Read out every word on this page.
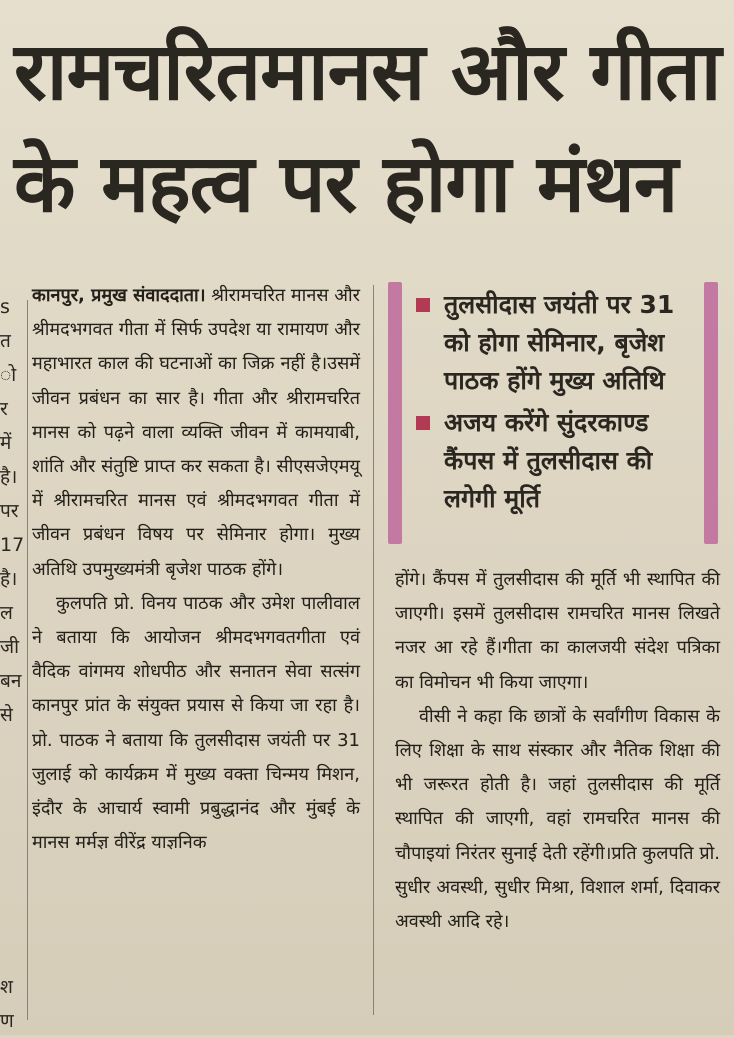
रामचरितमानस और गीता
के महत्व पर होगा मंथन
s
त
ो
र
में
है।
पर
17
है।
ल
जी
बन
से
श
ण

कानपुर, प्रमुख संवाददाता। श्रीरामचरित मानस और श्रीमदभगवत गीता में सिर्फ उपदेश या रामायण और महाभारत काल की घटनाओं का जिक्र नहीं है।उसमें जीवन प्रबंधन का सार है। गीता और श्रीरामचरित मानस को पढ़ने वाला व्यक्ति जीवन में कामयाबी, शांति और संतुष्टि प्राप्त कर सकता है। सीएसजेएमयू में श्रीरामचरित मानस एवं श्रीमदभगवत गीता में जीवन प्रबंधन विषय पर सेमिनार होगा। मुख्य अतिथि उपमुख्यमंत्री बृजेश पाठक होंगे।

कुलपति प्रो. विनय पाठक और उमेश पालीवाल ने बताया कि आयोजन श्रीमदभगवतगीता एवं वैदिक वांगमय शोधपीठ और सनातन सेवा सत्संग कानपुर प्रांत के संयुक्त प्रयास से किया जा रहा है। प्रो. पाठक ने बताया कि तुलसीदास जयंती पर 31 जुलाई को कार्यक्रम में मुख्य वक्ता चिन्मय मिशन, इंदौर के आचार्य स्वामी प्रबुद्धानंद और मुंबई के मानस मर्मज्ञ वीरेंद्र याज्ञनिक

तुलसीदास जयंती पर 31 को होगा सेमिनार, बृजेश पाठक होंगे मुख्य अतिथि
अजय करेंगे सुंदरकाण्ड कैंपस में तुलसीदास की लगेगी मूर्ति

होंगे। कैंपस में तुलसीदास की मूर्ति भी स्थापित की जाएगी। इसमें तुलसीदास रामचरित मानस लिखते नजर आ रहे हैं।गीता का कालजयी संदेश पत्रिका का विमोचन भी किया जाएगा।

वीसी ने कहा कि छात्रों के सर्वांगीण विकास के लिए शिक्षा के साथ संस्कार और नैतिक शिक्षा की भी जरूरत होती है। जहां तुलसीदास की मूर्ति स्थापित की जाएगी, वहां रामचरित मानस की चौपाइयां निरंतर सुनाई देती रहेंगी।प्रति कुलपति प्रो. सुधीर अवस्थी, सुधीर मिश्रा, विशाल शर्मा, दिवाकर अवस्थी आदि रहे।
